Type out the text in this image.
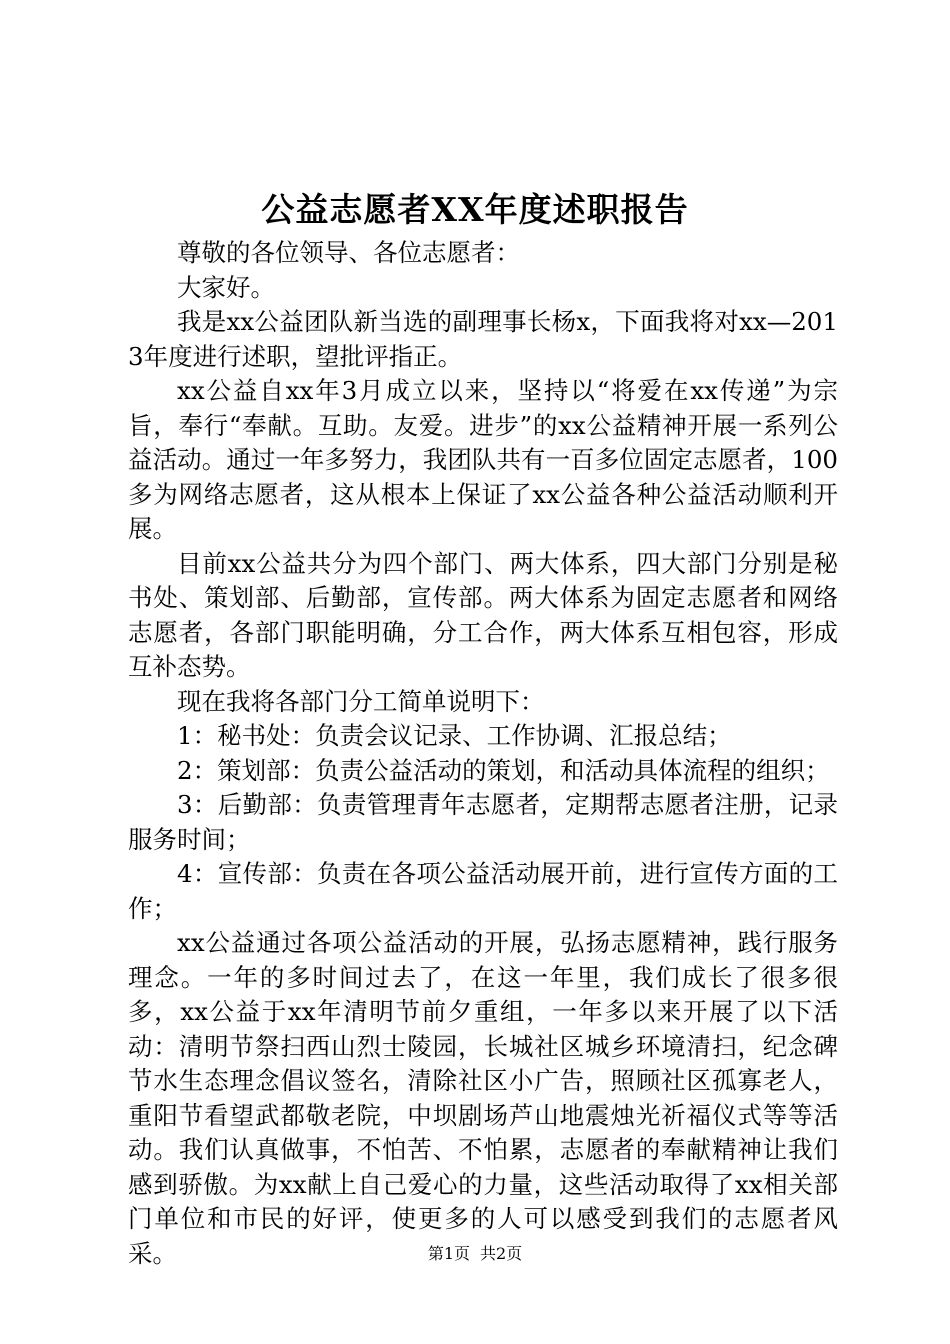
公益志愿者XX年度述职报告

尊敬的各位领导、各位志愿者：

大家好。

我是xx公益团队新当选的副理事长杨x，下面我将对xx—201 3年度进行述职，望批评指正。

xx公益自xx年3月成立以来，坚持以“将爱在xx传递”为宗旨，奉行“奉献。互助。友爱。进步”的xx公益精神开展一系列公益活动。通过一年多努力，我团队共有一百多位固定志愿者，100多为网络志愿者，这从根本上保证了xx公益各种公益活动顺利开展。

目前xx公益共分为四个部门、两大体系，四大部门分别是秘书处、策划部、后勤部，宣传部。两大体系为固定志愿者和网络志愿者，各部门职能明确，分工合作，两大体系互相包容，形成互补态势。

现在我将各部门分工简单说明下：

1：秘书处：负责会议记录、工作协调、汇报总结；

2：策划部：负责公益活动的策划，和活动具体流程的组织；

3：后勤部：负责管理青年志愿者，定期帮志愿者注册，记录服务时间；

4：宣传部：负责在各项公益活动展开前，进行宣传方面的工作；

xx公益通过各项公益活动的开展，弘扬志愿精神，践行服务理念。一年的多时间过去了，在这一年里，我们成长了很多很多，xx公益于xx年清明节前夕重组，一年多以来开展了以下活动：清明节祭扫西山烈士陵园，长城社区城乡环境清扫，纪念碑节水生态理念倡议签名，清除社区小广告，照顾社区孤寡老人，重阳节看望武都敬老院，中坝剧场芦山地震烛光祈福仪式等等活动。我们认真做事，不怕苦、不怕累，志愿者的奉献精神让我们感到骄傲。为xx献上自己爱心的力量，这些活动取得了xx相关部门单位和市民的好评，使更多的人可以感受到我们的志愿者风采。	第1页 共2页
